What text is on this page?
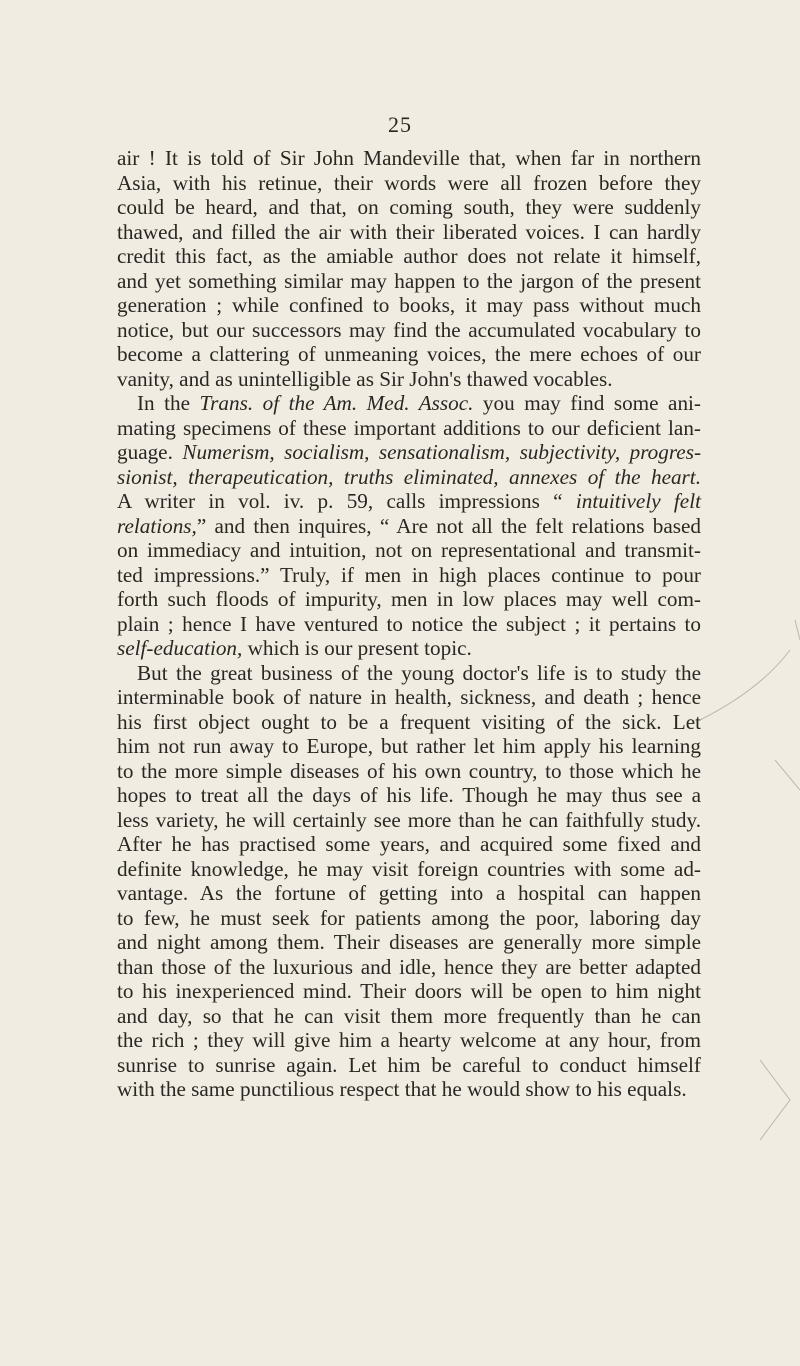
25
air ! It is told of Sir John Mandeville that, when far in northern
Asia, with his retinue, their words were all frozen before they
could be heard, and that, on coming south, they were suddenly
thawed, and filled the air with their liberated voices. I can hardly
credit this fact, as the amiable author does not relate it himself,
and yet something similar may happen to the jargon of the present
generation ; while confined to books, it may pass without much
notice, but our successors may find the accumulated vocabulary to
become a clattering of unmeaning voices, the mere echoes of our
vanity, and as unintelligible as Sir John's thawed vocables.
In the Trans. of the Am. Med. Assoc. you may find some ani-
mating specimens of these important additions to our deficient lan-
guage. Numerism, socialism, sensationalism, subjectivity, progres-
sionist, therapeutication, truths eliminated, annexes of the heart.
A writer in vol. iv. p. 59, calls impressions “ intuitively felt
relations,” and then inquires, “ Are not all the felt relations based
on immediacy and intuition, not on representational and transmit-
ted impressions.” Truly, if men in high places continue to pour
forth such floods of impurity, men in low places may well com-
plain ; hence I have ventured to notice the subject ; it pertains to
self-education, which is our present topic.
But the great business of the young doctor's life is to study the
interminable book of nature in health, sickness, and death ; hence
his first object ought to be a frequent visiting of the sick. Let
him not run away to Europe, but rather let him apply his learning
to the more simple diseases of his own country, to those which he
hopes to treat all the days of his life. Though he may thus see a
less variety, he will certainly see more than he can faithfully study.
After he has practised some years, and acquired some fixed and
definite knowledge, he may visit foreign countries with some ad-
vantage. As the fortune of getting into a hospital can happen
to few, he must seek for patients among the poor, laboring day
and night among them. Their diseases are generally more simple
than those of the luxurious and idle, hence they are better adapted
to his inexperienced mind. Their doors will be open to him night
and day, so that he can visit them more frequently than he can
the rich ; they will give him a hearty welcome at any hour, from
sunrise to sunrise again. Let him be careful to conduct himself
with the same punctilious respect that he would show to his equals.
